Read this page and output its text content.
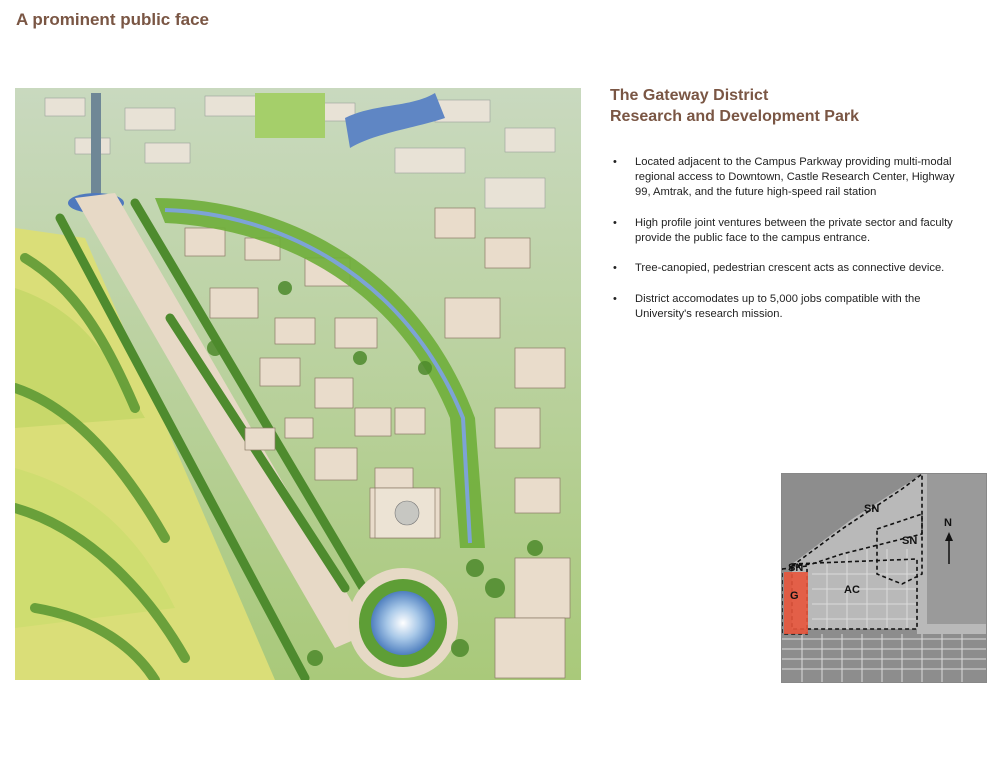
A prominent public face
The Gateway District
Research and Development Park
• Located adjacent to the Campus Parkway providing multi-modal regional access to Downtown, Castle Research Center, Highway 99, Amtrak, and the future high-speed rail station
• High profile joint ventures between the private sector and faculty provide the public face to the campus entrance.
• Tree-canopied, pedestrian crescent acts as connective device.
• District accomodates up to 5,000 jobs compatible with the University's research mission.
N
SN
SN
SN
AC
G
